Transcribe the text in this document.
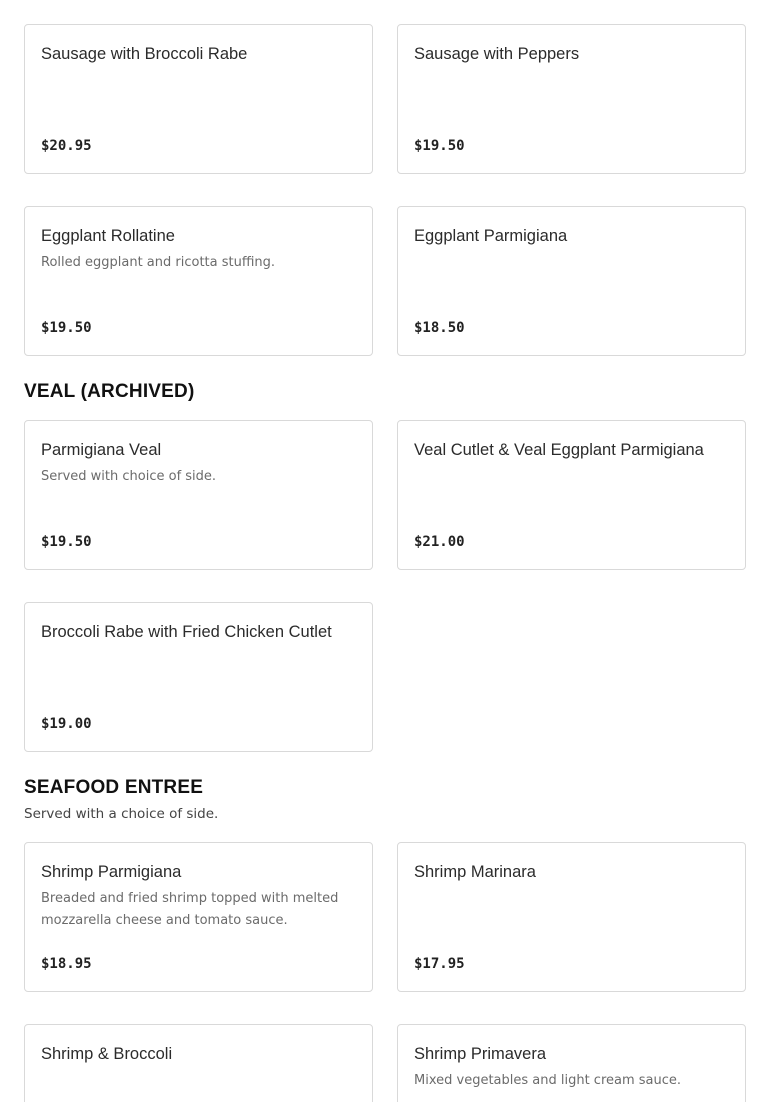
Sausage with Broccoli Rabe
$20.95
Sausage with Peppers
$19.50
Eggplant Rollatine
Rolled eggplant and ricotta stuffing.
$19.50
Eggplant Parmigiana
$18.50
VEAL (ARCHIVED)
Parmigiana Veal
Served with choice of side.
$19.50
Veal Cutlet & Veal Eggplant Parmigiana
$21.00
Broccoli Rabe with Fried Chicken Cutlet
$19.00
SEAFOOD ENTREE
Served with a choice of side.
Shrimp Parmigiana
Breaded and fried shrimp topped with melted mozzarella cheese and tomato sauce.
$18.95
Shrimp Marinara
$17.95
Shrimp & Broccoli	Shrimp Primavera
Mixed vegetables and light cream sauce.
